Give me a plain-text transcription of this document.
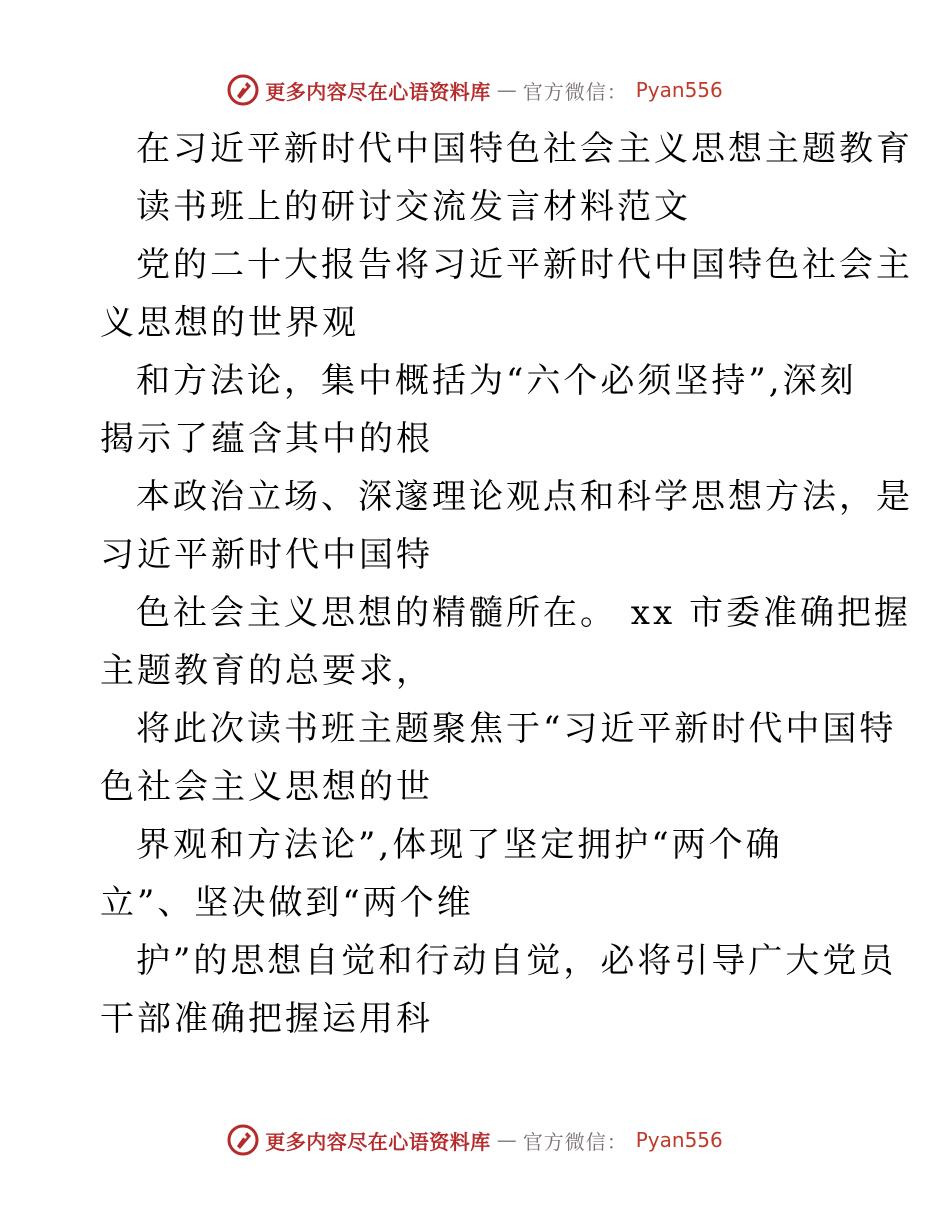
更多内容尽在心语资料库 — 官方微信： Pyan556
在习近平新时代中国特色社会主义思想主题教育
读书班上的研讨交流发言材料范文
党的二十大报告将习近平新时代中国特色社会主
义思想的世界观
和方法论，集中概括为“六个必须坚持”,深刻
揭示了蕴含其中的根
本政治立场、深邃理论观点和科学思想方法，是
习近平新时代中国特
色社会主义思想的精髓所在。 xx 市委准确把握
主题教育的总要求，
将此次读书班主题聚焦于“习近平新时代中国特
色社会主义思想的世
界观和方法论”,体现了坚定拥护“两个确
立”、坚决做到“两个维
护”的思想自觉和行动自觉，必将引导广大党员
干部准确把握运用科
更多内容尽在心语资料库 — 官方微信： Pyan556
